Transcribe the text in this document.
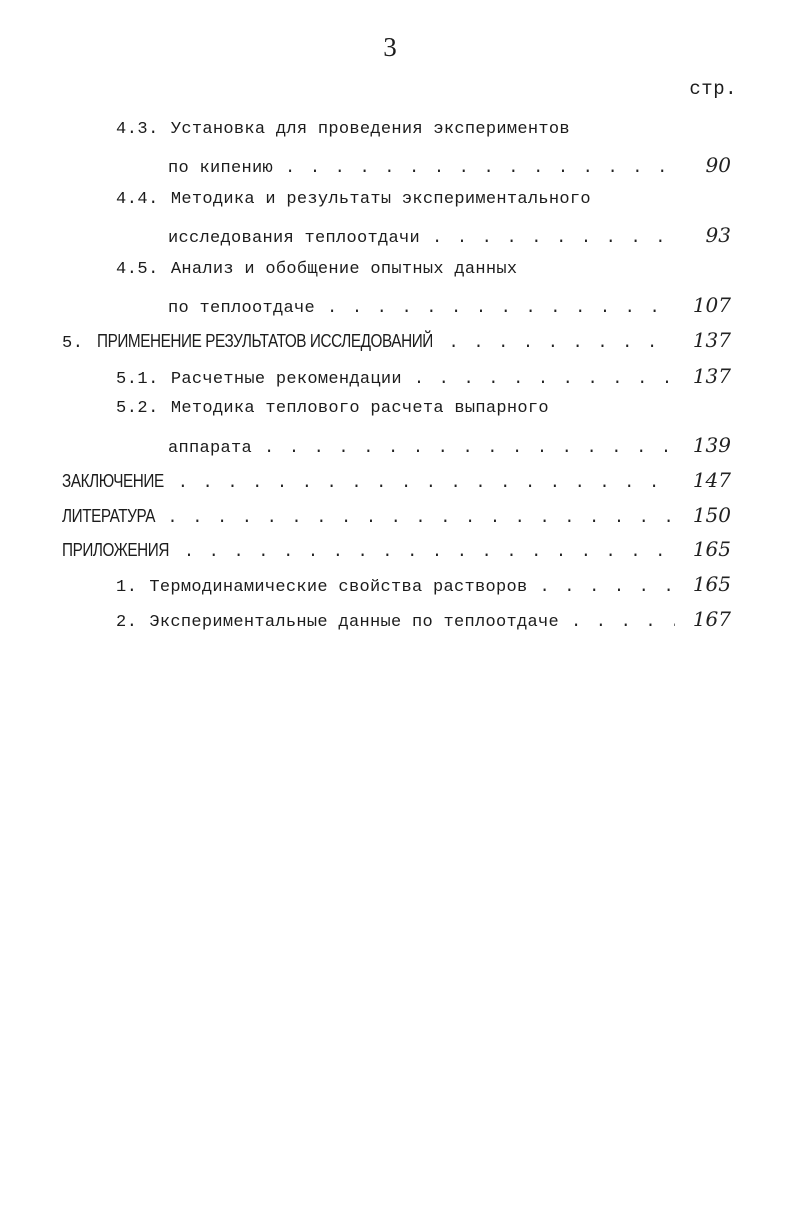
3
стр.
4.3. Установка для проведения экспериментов
по кипению . . .	90
4.4. Методика и результаты экспериментального
исследования теплоотдачи . . .	93
4.5. Анализ и обобщение опытных данных
по теплоотдаче . . .	107
5. ПРИМЕНЕНИЕ РЕЗУЛЬТАТОВ ИССЛЕДОВАНИЙ . . .	137
5.1. Расчетные рекомендации . . .	137
5.2. Методика теплового расчета выпарного
аппарата . . .	139
ЗАКЛЮЧЕНИЕ . . .	147
ЛИТЕРАТУРА . . .	150
ПРИЛОЖЕНИЯ . . .	165
1. Термодинамические свойства растворов . . .	165
2. Экспериментальные данные по теплоотдаче . . .	167
